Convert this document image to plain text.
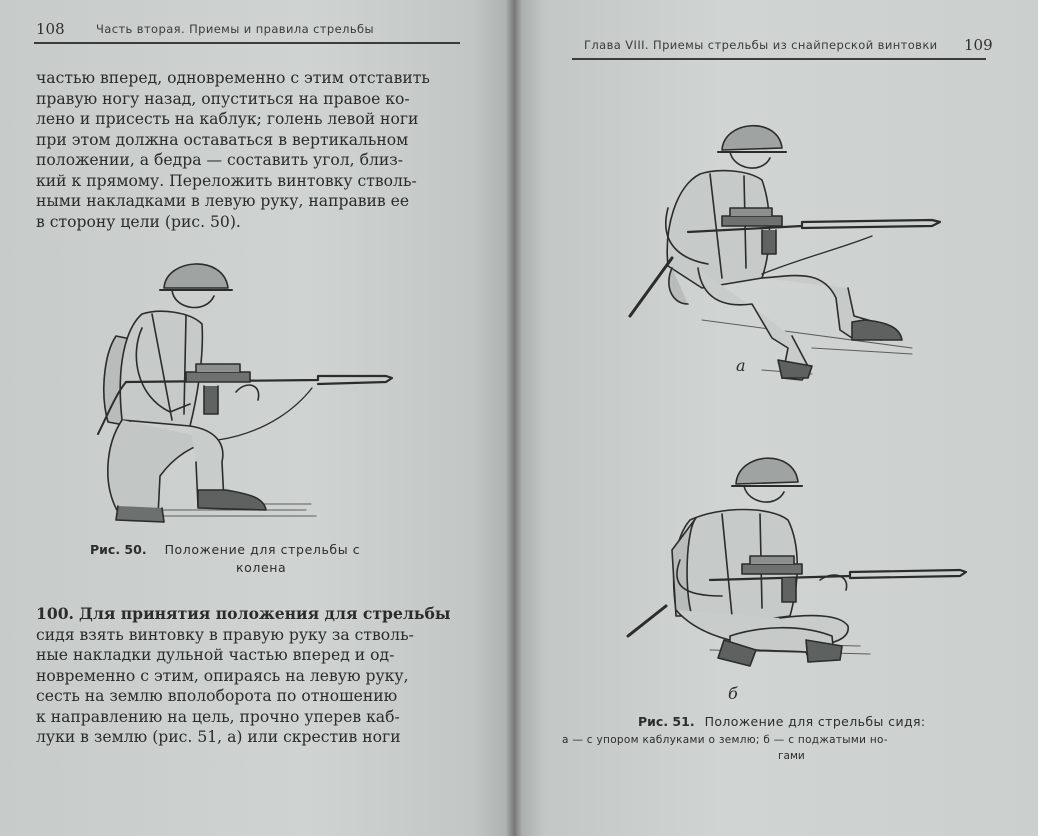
108	Часть вторая. Приемы и правила стрельбы
частью вперед, одновременно с этим отставить
правую ногу назад, опуститься на правое ко-
лено и присесть на каблук; голень левой ноги
при этом должна оставаться в вертикальном
положении, а бедра — составить угол, близ-
кий к прямому. Переложить винтовку стволь-
ными накладками в левую руку, направив ее
в сторону цели (рис. 50).
Рис. 50. Положение для стрельбы с
колена
100. Для принятия положения для стрельбы
сидя взять винтовку в правую руку за стволь-
ные накладки дульной частью вперед и од-
новременно с этим, опираясь на левую руку,
сесть на землю вполоборота по отношению
к направлению на цель, прочно уперев каб-
луки в землю (рис. 51, а) или скрестив ноги
Глава VIII. Приемы стрельбы из снайперской винтовки 109
а
б
Рис. 51. Положение для стрельбы сидя:
а — с упором каблуками о землю; б — с поджатыми но-
гами
